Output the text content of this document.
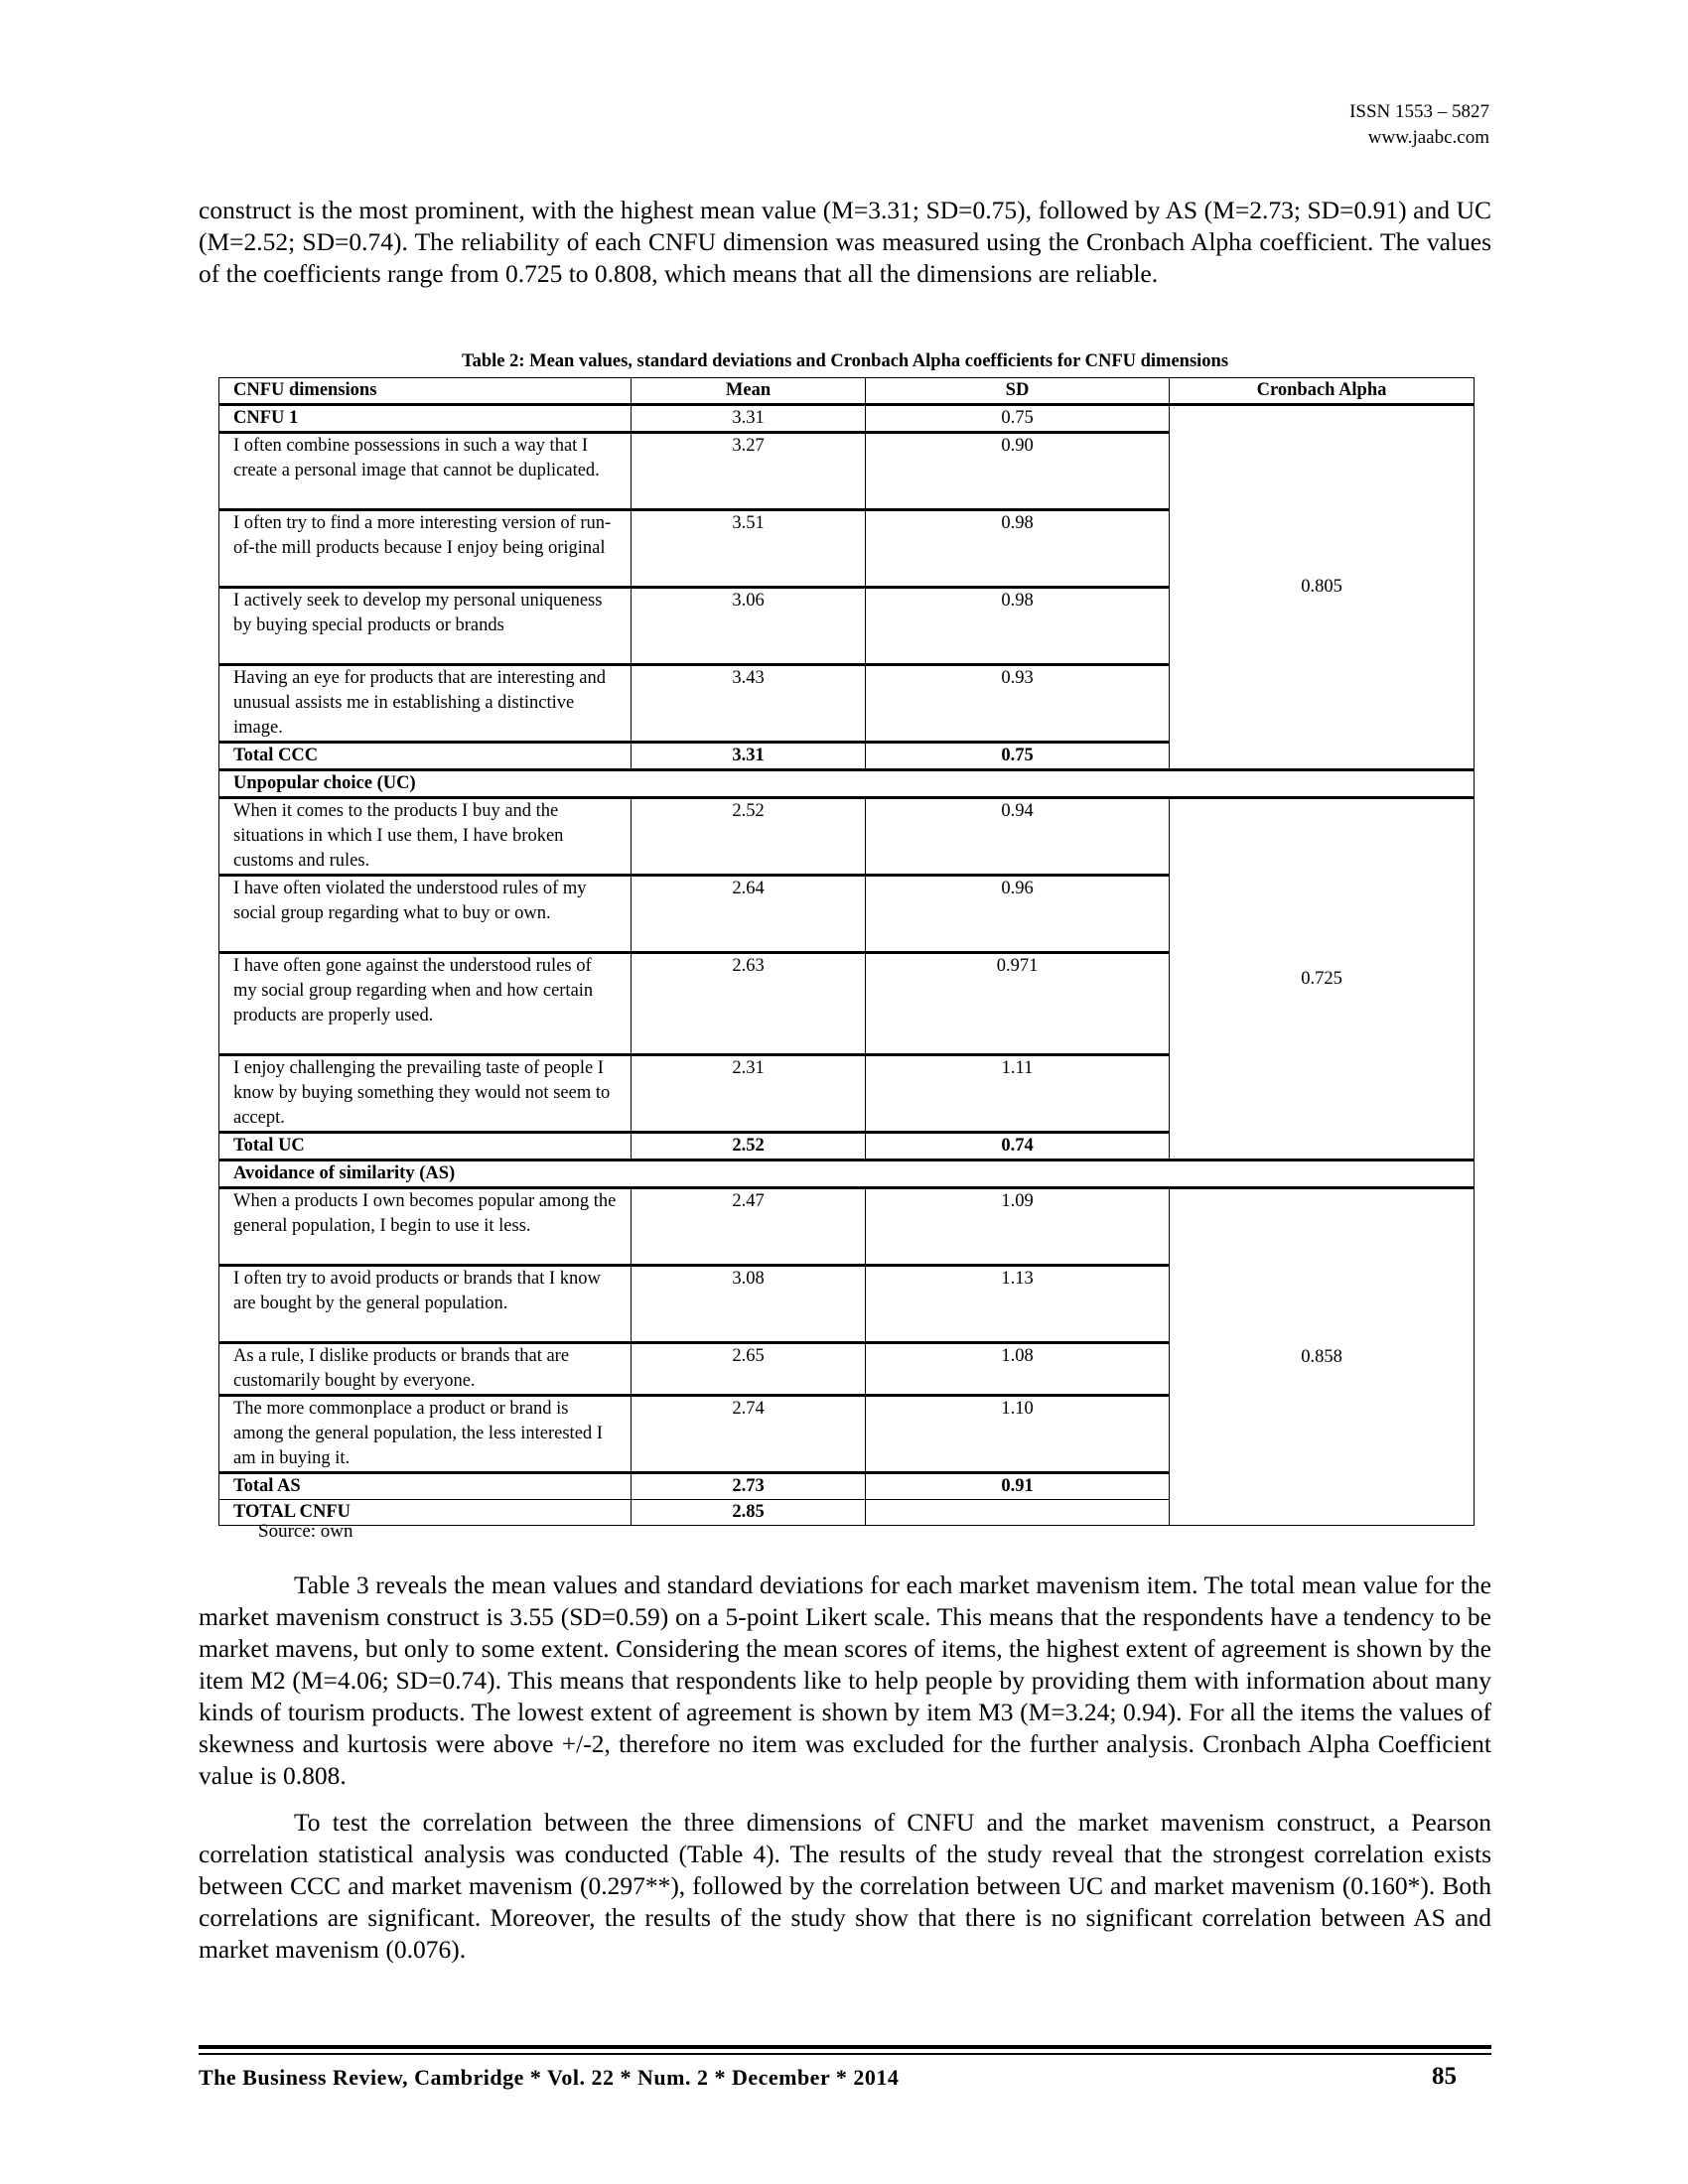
ISSN 1553 – 5827
www.jaabc.com

construct is the most prominent, with the highest mean value (M=3.31; SD=0.75), followed by AS (M=2.73; SD=0.91) and UC (M=2.52; SD=0.74). The reliability of each CNFU dimension was measured using the Cronbach Alpha coefficient. The values of the coefficients range from 0.725 to 0.808, which means that all the dimensions are reliable.

Table 2: Mean values, standard deviations and Cronbach Alpha coefficients for CNFU dimensions
CNFU dimensions	Mean	SD	Cronbach Alpha	
CNFU 1	3.31	0.75	0.805	
I often combine possessions in such a way that I create a personal image that cannot be duplicated.	3.27	0.90		
I often try to find a more interesting version of run-of-the mill products because I enjoy being original	3.51	0.98		
I actively seek to develop my personal uniqueness by buying special products or brands	3.06	0.98		
Having an eye for products that are interesting and unusual assists me in establishing a distinctive image.	3.43	0.93		
Total CCC	3.31	0.75		
Unpopular choice (UC)				
When it comes to the products I buy and the situations in which I use them, I have broken customs and rules.	2.52	0.94	0.725	
I have often violated the understood rules of my social group regarding what to buy or own.	2.64	0.96		
I have often gone against the understood rules of my social group regarding when and how certain products are properly used.	2.63	0.971		
I enjoy challenging the prevailing taste of people I know by buying something they would not seem to accept.	2.31	1.11		
Total UC	2.52	0.74		
Avoidance of similarity (AS)				
When a products I own becomes popular among the general population, I begin to use it less.	2.47	1.09	0.858	
I often try to avoid products or brands that I know are bought by the general population.	3.08	1.13		
As a rule, I dislike products or brands that are customarily bought by everyone.	2.65	1.08		
The more commonplace a product or brand is among the general population, the less interested I am in buying it.	2.74	1.10		
Total AS	2.73	0.91		
TOTAL CNFU	2.85			
Source: own

Table 3 reveals the mean values and standard deviations for each market mavenism item. The total mean value for the market mavenism construct is 3.55 (SD=0.59) on a 5-point Likert scale. This means that the respondents have a tendency to be market mavens, but only to some extent. Considering the mean scores of items, the highest extent of agreement is shown by the item M2 (M=4.06; SD=0.74). This means that respondents like to help people by providing them with information about many kinds of tourism products. The lowest extent of agreement is shown by item M3 (M=3.24; 0.94). For all the items the values of skewness and kurtosis were above +/-2, therefore no item was excluded for the further analysis. Cronbach Alpha Coefficient value is 0.808.

To test the correlation between the three dimensions of CNFU and the market mavenism construct, a Pearson correlation statistical analysis was conducted (Table 4). The results of the study reveal that the strongest correlation exists between CCC and market mavenism (0.297**), followed by the correlation between UC and market mavenism (0.160*). Both correlations are significant. Moreover, the results of the study show that there is no significant correlation between AS and market mavenism (0.076).

The Business Review, Cambridge * Vol. 22 * Num. 2 * December * 2014	85
